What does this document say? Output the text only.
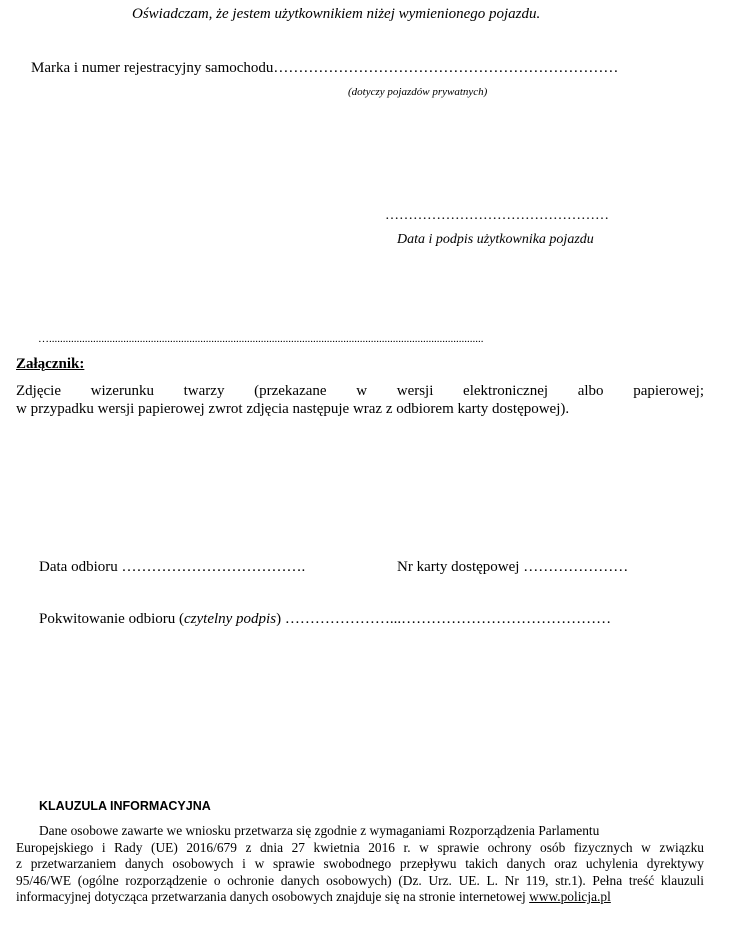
Oświadczam, że jestem użytkownikiem niżej wymienionego pojazdu.
Marka i numer rejestracyjny samochodu……………………………………………………………
(dotyczy pojazdów prywatnych)
…………………………………………
Data i podpis użytkownika pojazdu
…..............................................................................................................................................................
Załącznik:
Zdjęcie wizerunku twarzy (przekazane w wersji elektronicznej albo papierowej;
w przypadku wersji papierowej zwrot zdjęcia następuje wraz z odbiorem karty dostępowej).
Data odbioru ……………………………….	Nr karty dostępowej …………………
Pokwitowanie odbioru (czytelny podpis) …………………...……………………………………
KLAUZULA INFORMACYJNA
Dane osobowe zawarte we wniosku przetwarza się zgodnie z wymaganiami Rozporządzenia Parlamentu
Europejskiego i Rady (UE) 2016/679 z dnia 27 kwietnia 2016 r. w sprawie ochrony osób fizycznych w związku
z przetwarzaniem danych osobowych i w sprawie swobodnego przepływu takich danych oraz uchylenia dyrektywy
95/46/WE (ogólne rozporządzenie o ochronie danych osobowych) (Dz. Urz. UE. L. Nr 119, str.1). Pełna treść klauzuli
informacyjnej dotycząca przetwarzania danych osobowych znajduje się na stronie internetowej www.policja.pl
